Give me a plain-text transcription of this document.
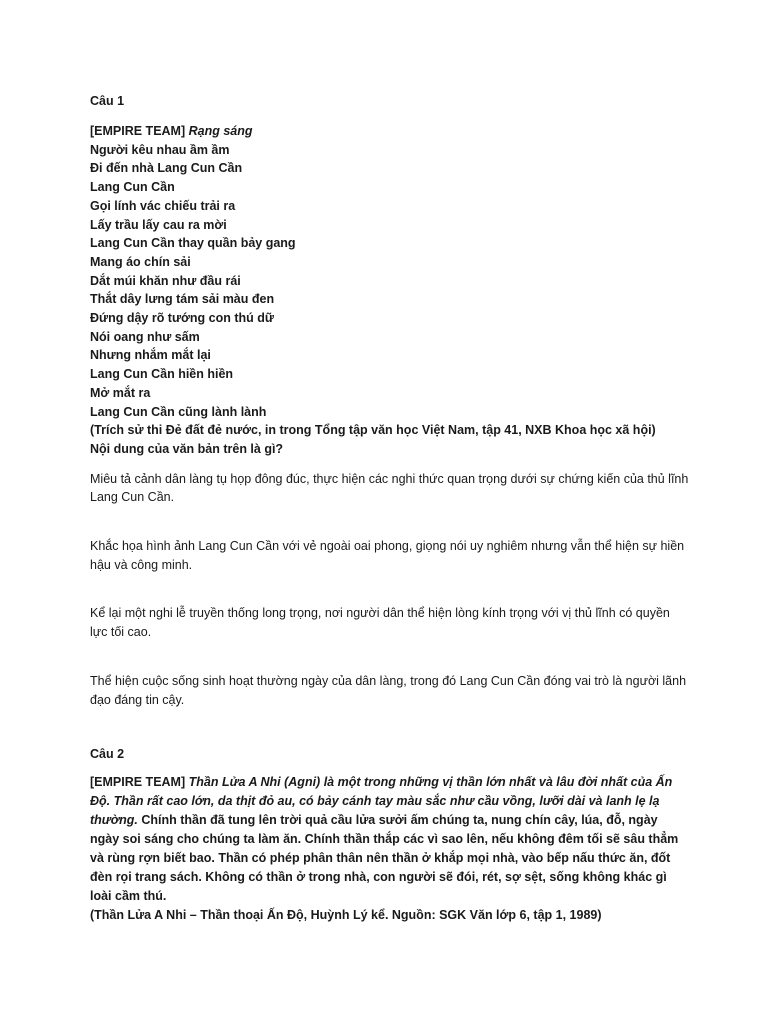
Câu 1

[EMPIRE TEAM] Rạng sáng
Người kêu nhau ầm ầm
Đi đến nhà Lang Cun Cần
Lang Cun Cần
Gọi lính vác chiếu trải ra
Lấy trầu lấy cau ra mời
Lang Cun Cần thay quần bảy gang
Mang áo chín sải
Dắt múi khăn như đầu rái
Thắt dây lưng tám sải màu đen
Đứng dậy rõ tướng con thú dữ
Nói oang như sấm
Nhưng nhắm mắt lại
Lang Cun Cần hiền hiền
Mở mắt ra
Lang Cun Cần cũng lành lành
(Trích sử thi Đẻ đất đẻ nước, in trong Tổng tập văn học Việt Nam, tập 41, NXB Khoa học xã hội)
Nội dung của văn bản trên là gì?

Miêu tả cảnh dân làng tụ họp đông đúc, thực hiện các nghi thức quan trọng dưới sự chứng kiến của thủ lĩnh Lang Cun Cần.

Khắc họa hình ảnh Lang Cun Cần với vẻ ngoài oai phong, giọng nói uy nghiêm nhưng vẫn thể hiện sự hiền hậu và công minh.

Kể lại một nghi lễ truyền thống long trọng, nơi người dân thể hiện lòng kính trọng với vị thủ lĩnh có quyền lực tối cao.

Thể hiện cuộc sống sinh hoạt thường ngày của dân làng, trong đó Lang Cun Cần đóng vai trò là người lãnh đạo đáng tin cậy.

Câu 2

[EMPIRE TEAM] Thần Lửa A Nhi (Agni) là một trong những vị thần lớn nhất và lâu đời nhất của Ấn Độ. Thần rất cao lớn, da thịt đỏ au, có bảy cánh tay màu sắc như cầu vồng, lưỡi dài và lanh lẹ lạ thường. Chính thần đã tung lên trời quả cầu lửa sưởi ấm chúng ta, nung chín cây, lúa, đỗ, ngày ngày soi sáng cho chúng ta làm ăn. Chính thần thắp các vì sao lên, nếu không đêm tối sẽ sâu thẳm và rùng rợn biết bao. Thần có phép phân thân nên thần ở khắp mọi nhà, vào bếp nấu thức ăn, đốt đèn rọi trang sách. Không có thần ở trong nhà, con người sẽ đói, rét, sợ sệt, sống không khác gì loài cầm thú.
(Thần Lửa A Nhi – Thần thoại Ấn Độ, Huỳnh Lý kể. Nguồn: SGK Văn lớp 6, tập 1, 1989)
